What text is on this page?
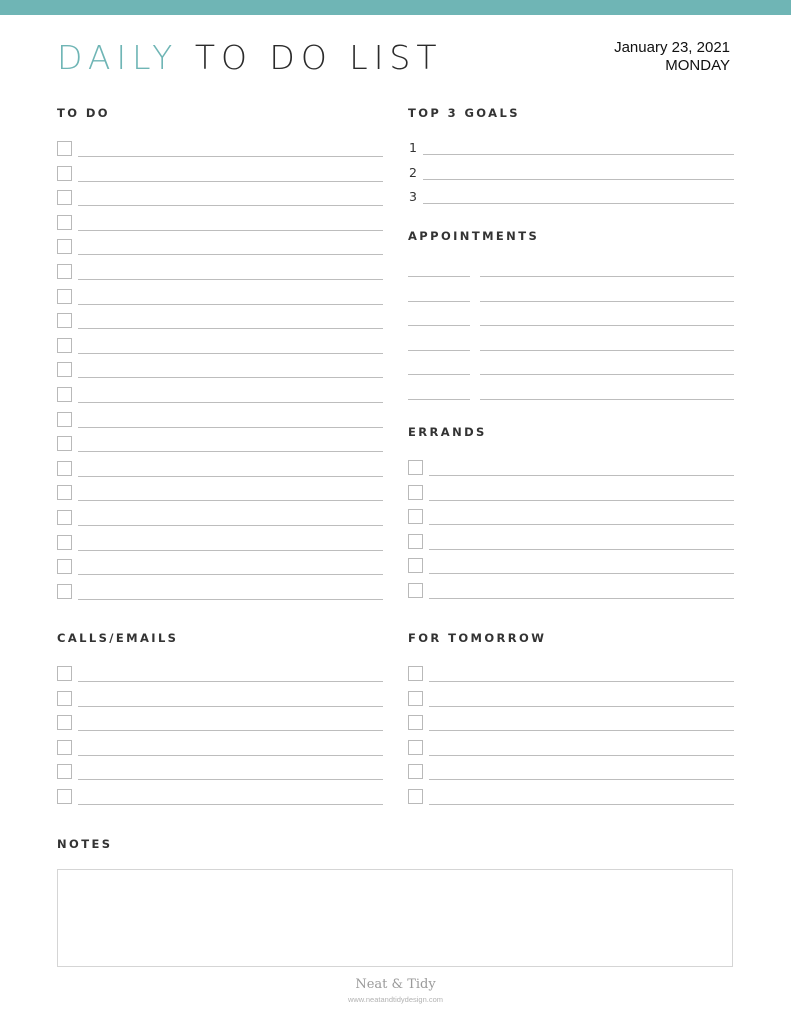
DAILY TO DO LIST	January 23, 2021
MONDAY
TO DO	TOP 3 GOALS
1
2
3
APPOINTMENTS
ERRANDS
CALLS/EMAILS	FOR TOMORROW
NOTES
Neat & Tidy
www.neatandtidydesign.com
